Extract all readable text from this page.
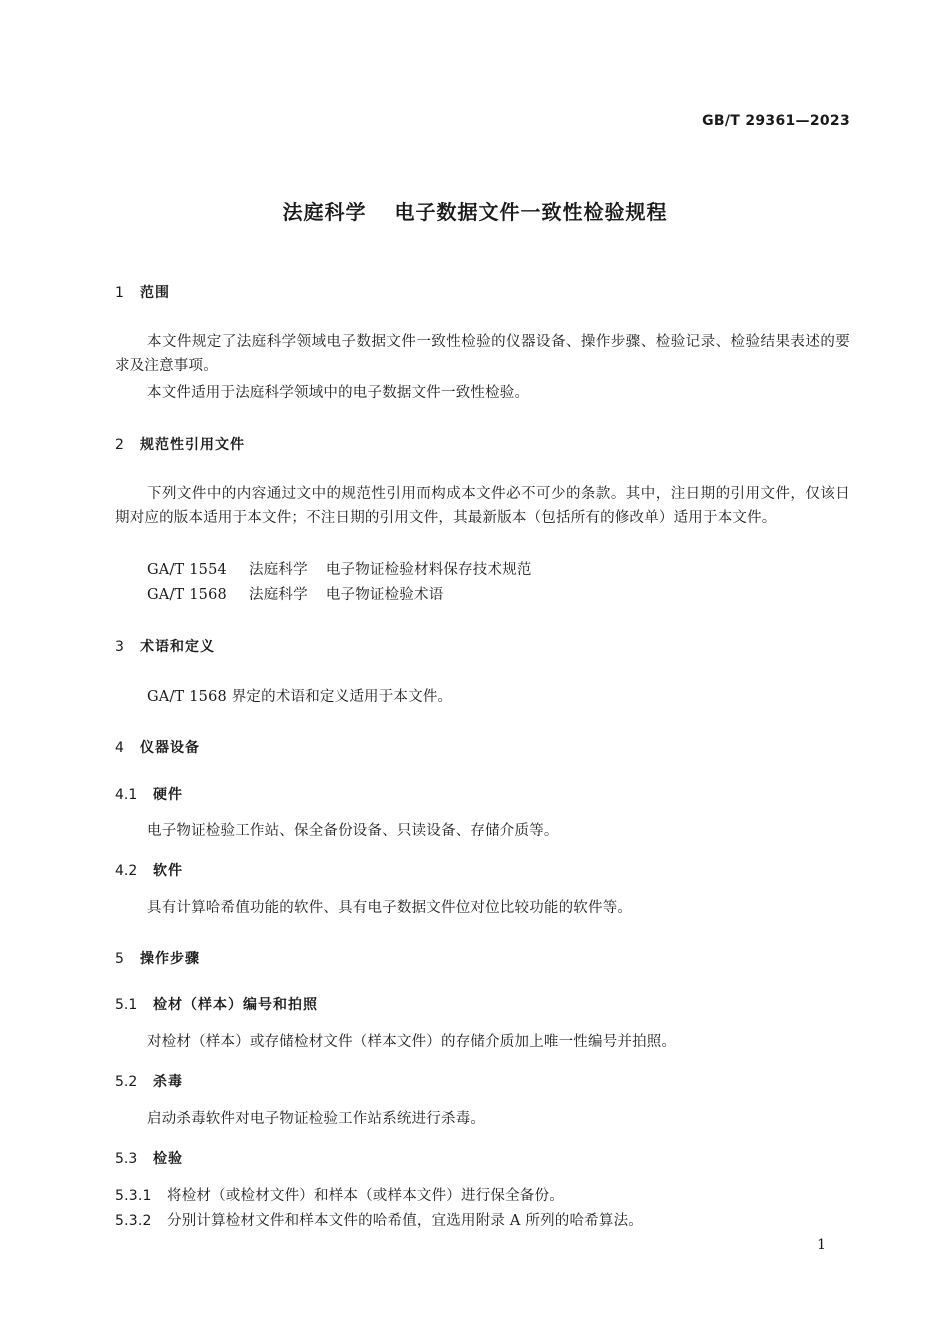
GB/T 29361—2023
法庭科学 电子数据文件一致性检验规程
1 范围
本文件规定了法庭科学领域电子数据文件一致性检验的仪器设备、操作步骤、检验记录、检验结果表述的要求及注意事项。
本文件适用于法庭科学领域中的电子数据文件一致性检验。
2 规范性引用文件
下列文件中的内容通过文中的规范性引用而构成本文件必不可少的条款。其中，注日期的引用文件，仅该日期对应的版本适用于本文件；不注日期的引用文件，其最新版本（包括所有的修改单）适用于本文件。
GA/T 1554 法庭科学 电子物证检验材料保存技术规范
GA/T 1568 法庭科学 电子物证检验术语
3 术语和定义
GA/T 1568 界定的术语和定义适用于本文件。
4 仪器设备
4.1 硬件
电子物证检验工作站、保全备份设备、只读设备、存储介质等。
4.2 软件
具有计算哈希值功能的软件、具有电子数据文件位对位比较功能的软件等。
5 操作步骤
5.1 检材（样本）编号和拍照
对检材（样本）或存储检材文件（样本文件）的存储介质加上唯一性编号并拍照。
5.2 杀毒
启动杀毒软件对电子物证检验工作站系统进行杀毒。
5.3 检验
5.3.1 将检材（或检材文件）和样本（或样本文件）进行保全备份。
5.3.2 分别计算检材文件和样本文件的哈希值，宜选用附录 A 所列的哈希算法。
1
